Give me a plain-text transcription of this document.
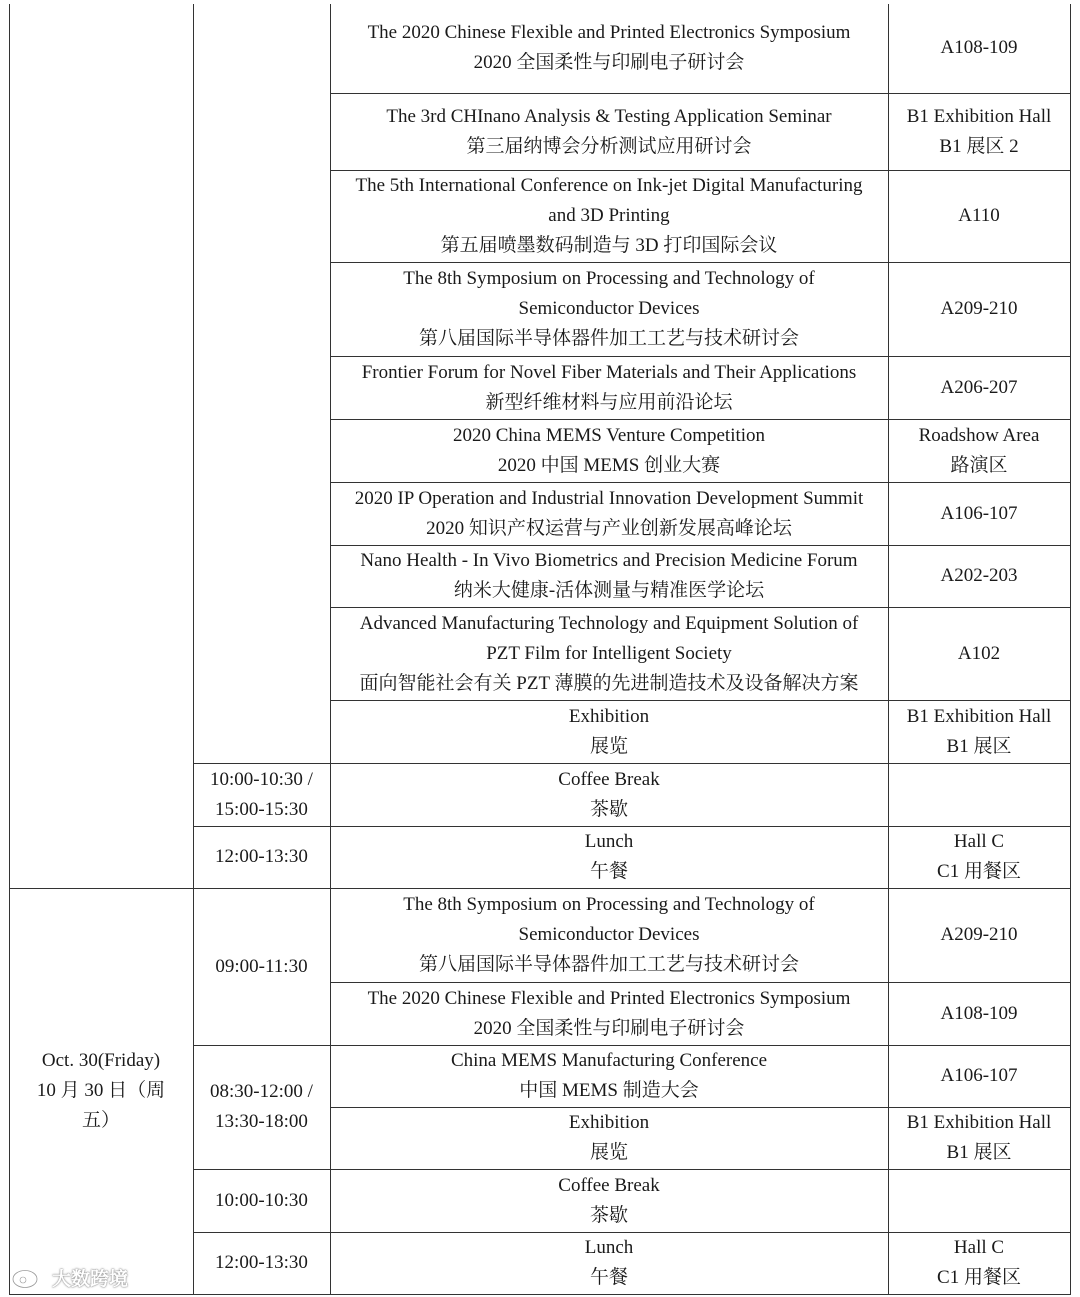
The 2020 Chinese Flexible and Printed Electronics Symposium
2020 全国柔性与印刷电子研讨会
A108-109
The 3rd CHInano Analysis & Testing Application Seminar
第三届纳博会分析测试应用研讨会
B1 Exhibition Hall
B1 展区 2
The 5th International Conference on Ink-jet Digital Manufacturing
and 3D Printing
第五届喷墨数码制造与 3D 打印国际会议
A110
The 8th Symposium on Processing and Technology of
Semiconductor Devices
第八届国际半导体器件加工工艺与技术研讨会
A209-210
Frontier Forum for Novel Fiber Materials and Their Applications
新型纤维材料与应用前沿论坛
A206-207
2020 China MEMS Venture Competition
2020 中国 MEMS 创业大赛
Roadshow Area
路演区
2020 IP Operation and Industrial Innovation Development Summit
2020 知识产权运营与产业创新发展高峰论坛
A106-107
Nano Health - In Vivo Biometrics and Precision Medicine Forum
纳米大健康-活体测量与精准医学论坛
A202-203
Advanced Manufacturing Technology and Equipment Solution of
PZT Film for Intelligent Society
面向智能社会有关 PZT 薄膜的先进制造技术及设备解决方案
A102
Exhibition
展览
B1 Exhibition Hall
B1 展区
Coffee Break
茶歇
10:00-10:30 /
15:00-15:30
Lunch
午餐
Hall C
C1 用餐区
12:00-13:30
Oct. 30(Friday)
10 月 30 日（周
五）
09:00-11:30
08:30-12:00 /
13:30-18:00
10:00-10:30
12:00-13:30
The 8th Symposium on Processing and Technology of
Semiconductor Devices
第八届国际半导体器件加工工艺与技术研讨会
A209-210
The 2020 Chinese Flexible and Printed Electronics Symposium
2020 全国柔性与印刷电子研讨会
A108-109
China MEMS Manufacturing Conference
中国 MEMS 制造大会
A106-107
Exhibition
展览
B1 Exhibition Hall
B1 展区
Coffee Break
茶歇
Lunch
午餐
Hall C
C1 用餐区
大数跨境
